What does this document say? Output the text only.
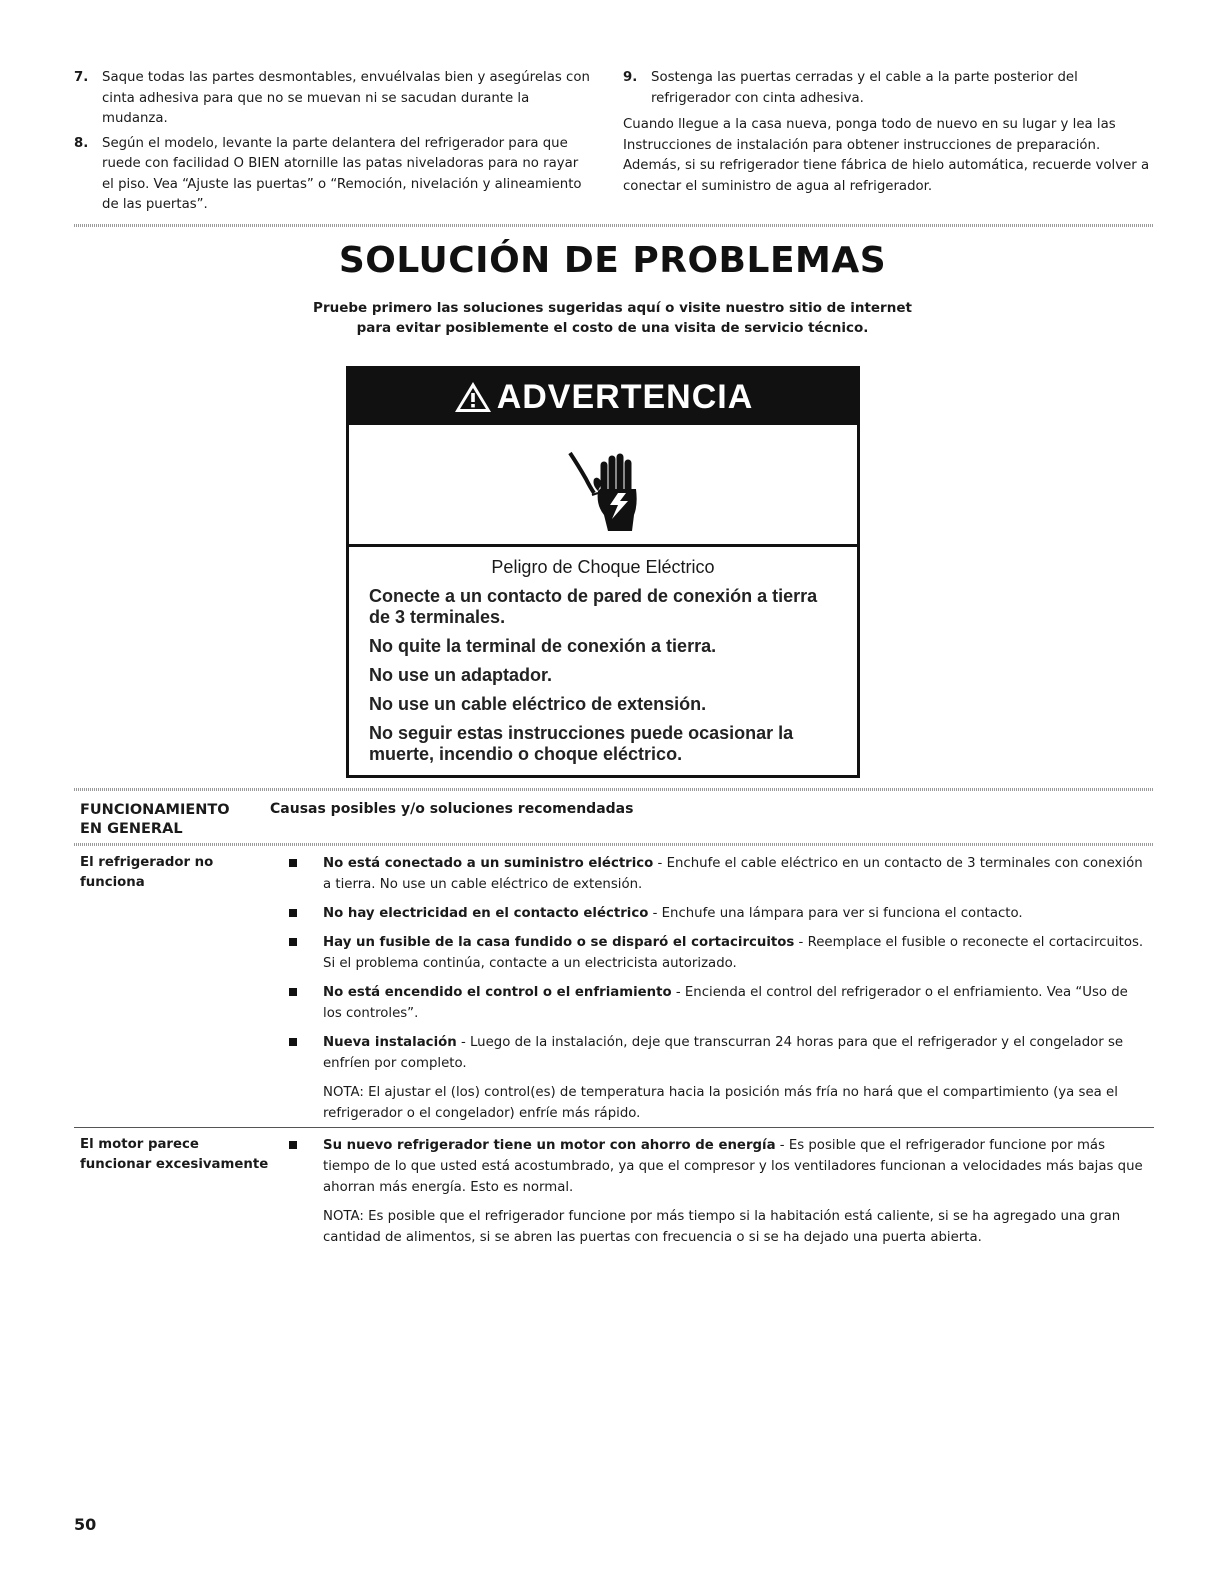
7. Saque todas las partes desmontables, envuélvalas bien y asegúrelas con cinta adhesiva para que no se muevan ni se sacudan durante la mudanza.
8. Según el modelo, levante la parte delantera del refrigerador para que ruede con facilidad O BIEN atornille las patas niveladoras para no rayar el piso. Vea “Ajuste las puertas” o “Remoción, nivelación y alineamiento de las puertas”.
9. Sostenga las puertas cerradas y el cable a la parte posterior del refrigerador con cinta adhesiva.

Cuando llegue a la casa nueva, ponga todo de nuevo en su lugar y lea las Instrucciones de instalación para obtener instrucciones de preparación. Además, si su refrigerador tiene fábrica de hielo automática, recuerde volver a conectar el suministro de agua al refrigerador.

SOLUCIÓN DE PROBLEMAS
Pruebe primero las soluciones sugeridas aquí o visite nuestro sitio de internet
para evitar posiblemente el costo de una visita de servicio técnico.
ADVERTENCIA
Peligro de Choque Eléctrico
Conecte a un contacto de pared de conexión a tierra de 3 terminales.
No quite la terminal de conexión a tierra.
No use un adaptador.
No use un cable eléctrico de extensión.
No seguir estas instrucciones puede ocasionar la muerte, incendio o choque eléctrico.
FUNCIONAMIENTO
EN GENERAL
Causas posibles y/o soluciones recomendadas
El refrigerador no funciona
No está conectado a un suministro eléctrico - Enchufe el cable eléctrico en un contacto de 3 terminales con conexión a tierra. No use un cable eléctrico de extensión.
No hay electricidad en el contacto eléctrico - Enchufe una lámpara para ver si funciona el contacto.
Hay un fusible de la casa fundido o se disparó el cortacircuitos - Reemplace el fusible o reconecte el cortacircuitos. Si el problema continúa, contacte a un electricista autorizado.
No está encendido el control o el enfriamiento - Encienda el control del refrigerador o el enfriamiento. Vea “Uso de los controles”.
Nueva instalación - Luego de la instalación, deje que transcurran 24 horas para que el refrigerador y el congelador se enfríen por completo.
NOTA: El ajustar el (los) control(es) de temperatura hacia la posición más fría no hará que el compartimiento (ya sea el refrigerador o el congelador) enfríe más rápido.
El motor parece funcionar excesivamente
Su nuevo refrigerador tiene un motor con ahorro de energía - Es posible que el refrigerador funcione por más tiempo de lo que usted está acostumbrado, ya que el compresor y los ventiladores funcionan a velocidades más bajas que ahorran más energía. Esto es normal.
NOTA: Es posible que el refrigerador funcione por más tiempo si la habitación está caliente, si se ha agregado una gran cantidad de alimentos, si se abren las puertas con frecuencia o si se ha dejado una puerta abierta.
50
